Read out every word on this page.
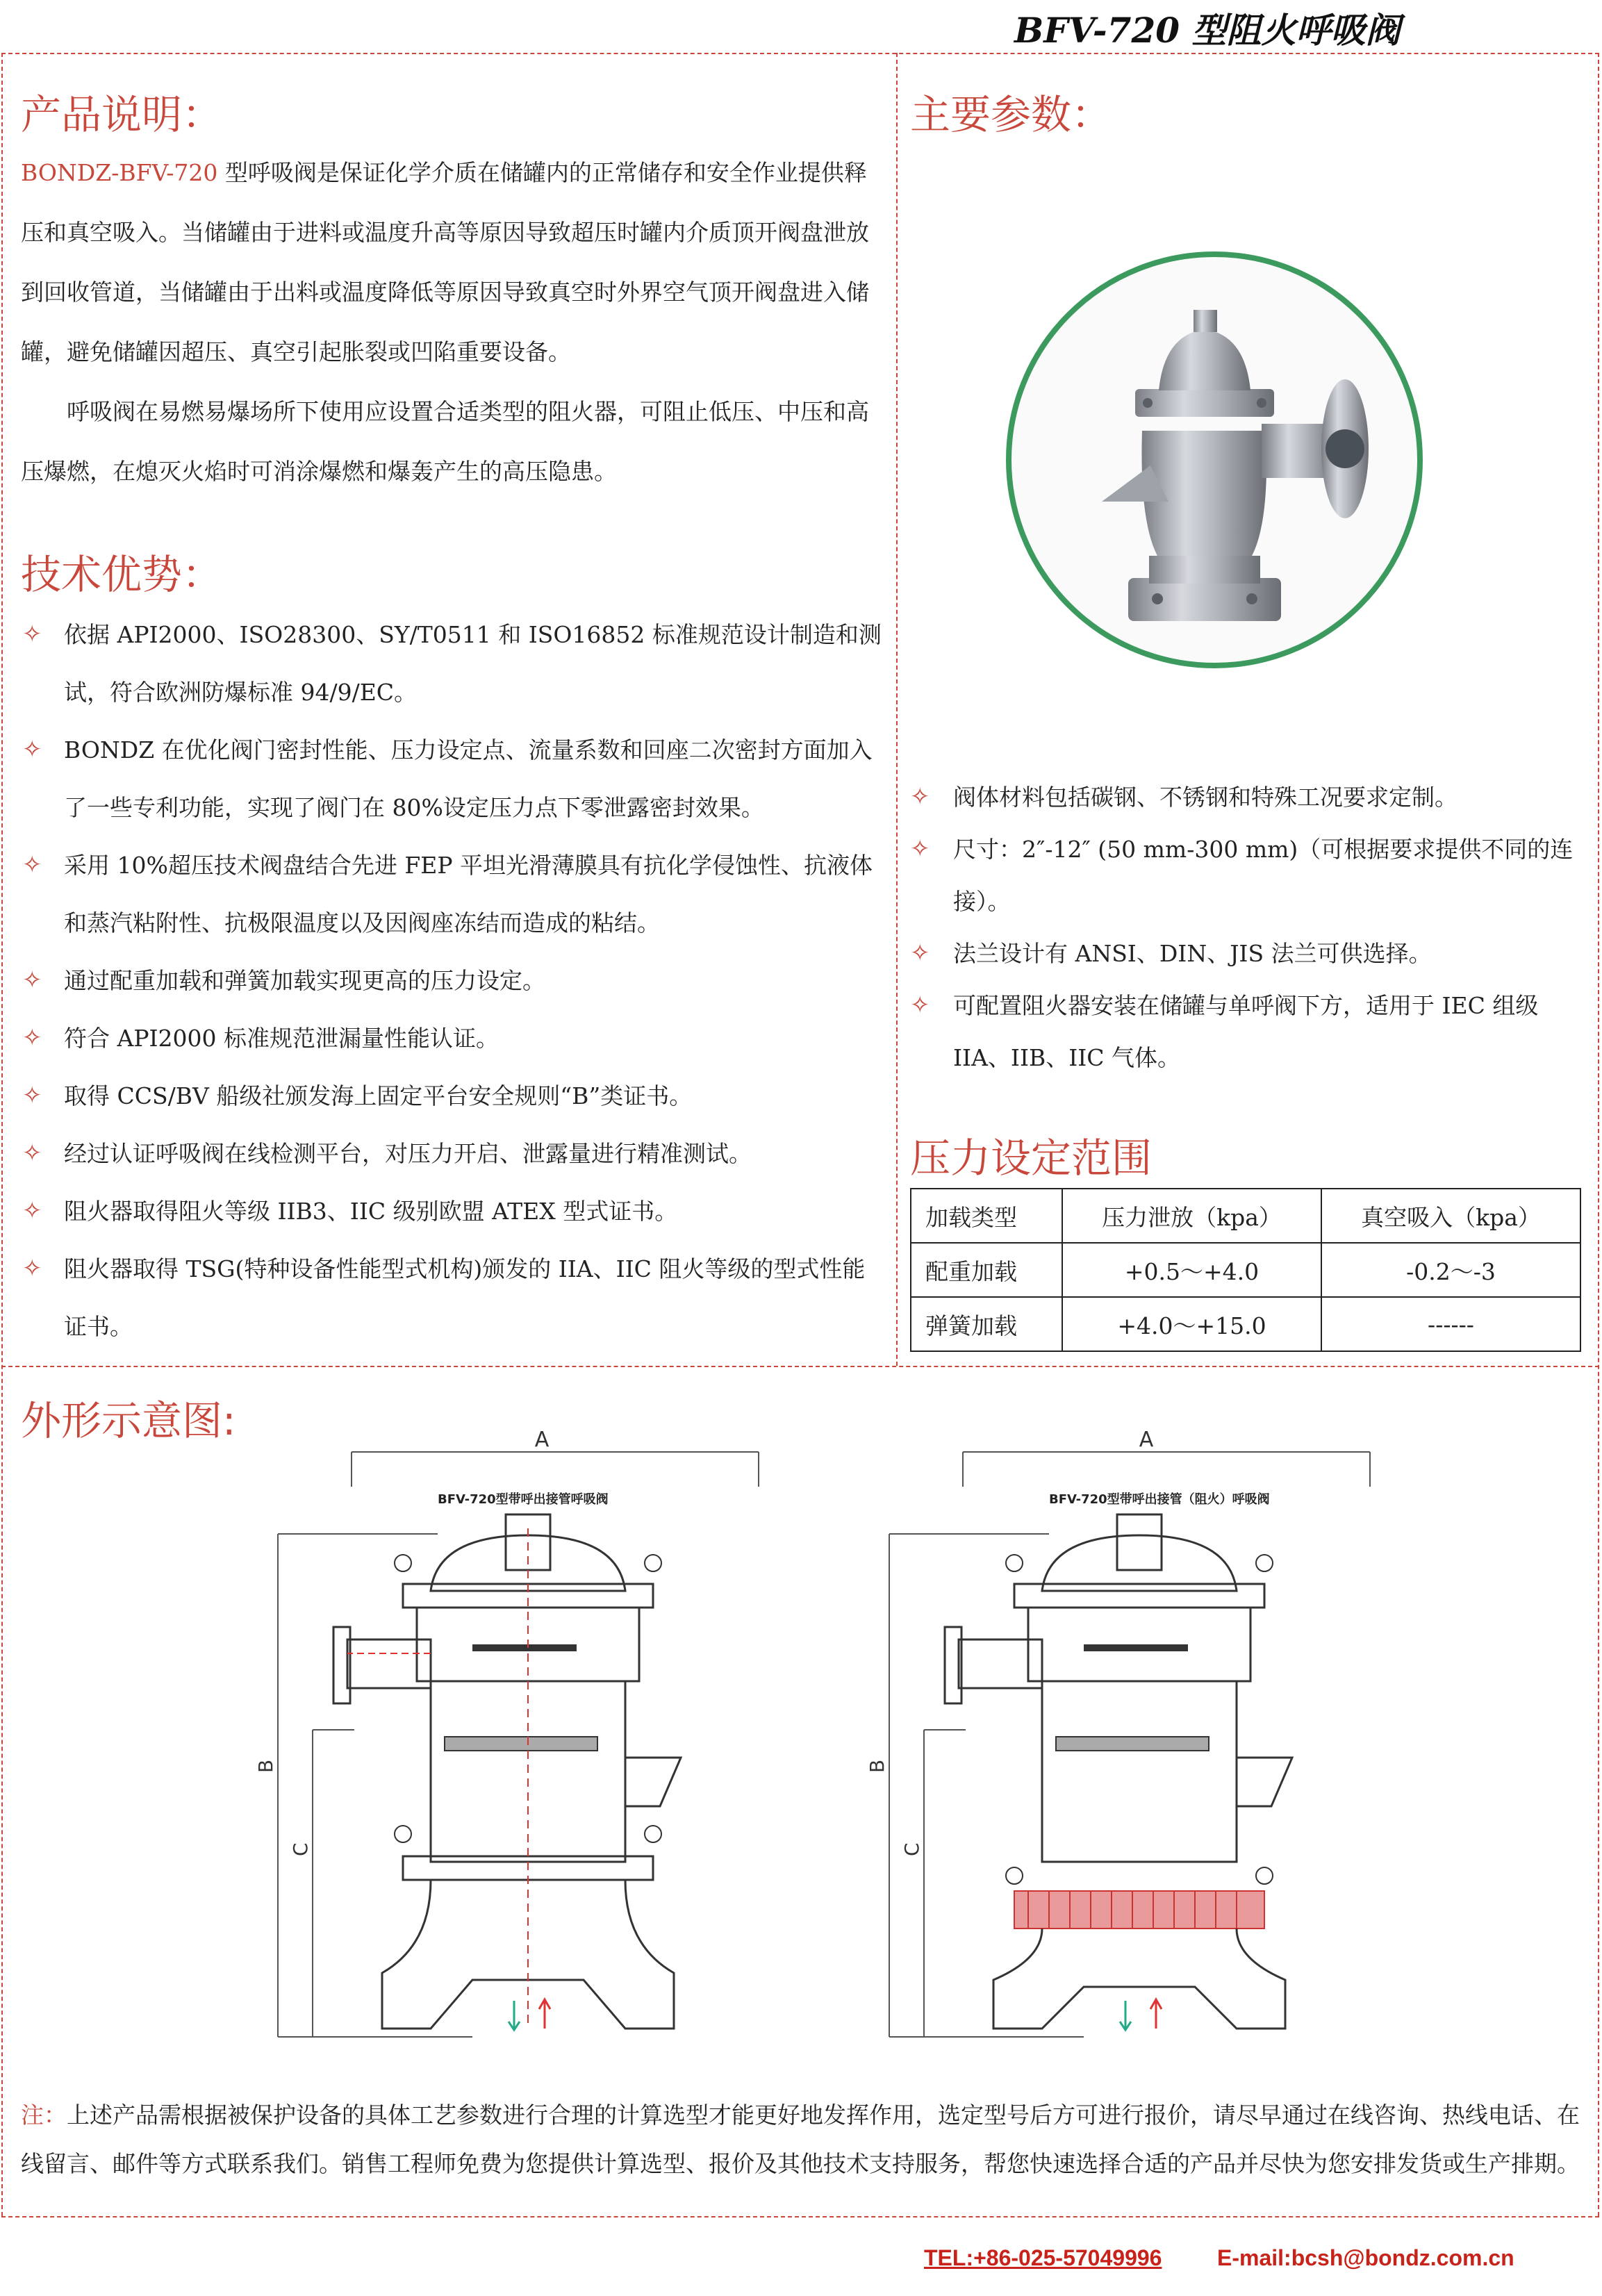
BFV-720 型阻火呼吸阀
产品说明：

BONDZ-BFV-720 型呼吸阀是保证化学介质在储罐内的正常储存和安全作业提供释压和真空吸入。当储罐由于进料或温度升高等原因导致超压时罐内介质顶开阀盘泄放到回收管道，当储罐由于出料或温度降低等原因导致真空时外界空气顶开阀盘进入储罐，避免储罐因超压、真空引起胀裂或凹陷重要设备。

呼吸阀在易燃易爆场所下使用应设置合适类型的阻火器，可阻止低压、中压和高压爆燃，在熄灭火焰时可消涂爆燃和爆轰产生的高压隐患。

技术优势：
✧ 依据 API2000、ISO28300、SY/T0511 和 ISO16852 标准规范设计制造和测试，符合欧洲防爆标准 94/9/EC。
✧ BONDZ 在优化阀门密封性能、压力设定点、流量系数和回座二次密封方面加入了一些专利功能，实现了阀门在 80%设定压力点下零泄露密封效果。
✧ 采用 10%超压技术阀盘结合先进 FEP 平坦光滑薄膜具有抗化学侵蚀性、抗液体和蒸汽粘附性、抗极限温度以及因阀座冻结而造成的粘结。
✧ 通过配重加载和弹簧加载实现更高的压力设定。
✧ 符合 API2000 标准规范泄漏量性能认证。
✧ 取得 CCS/BV 船级社颁发海上固定平台安全规则“B”类证书。
✧ 经过认证呼吸阀在线检测平台，对压力开启、泄露量进行精准测试。
✧ 阻火器取得阻火等级 IIB3、IIC 级别欧盟 ATEX 型式证书。
✧ 阻火器取得 TSG(特种设备性能型式机构)颁发的 IIA、IIC 阻火等级的型式性能证书。
主要参数：
✧ 阀体材料包括碳钢、不锈钢和特殊工况要求定制。
✧ 尺寸：2″-12″ (50 mm-300 mm)（可根据要求提供不同的连接）。
✧ 法兰设计有 ANSI、DIN、JIS 法兰可供选择。
✧ 可配置阻火器安装在储罐与单呼阀下方，适用于 IEC 组级 IIA、IIB、IIC 气体。
压力设定范围
加载类型	压力泄放（kpa）	真空吸入（kpa）
配重加载	+0.5～+4.0	-0.2～-3
弹簧加载	+4.0～+15.0	------
外形示意图:	A
BFV-720型带呼出接管呼吸阀
B
C
A
BFV-720型带呼出接管（阻火）呼吸阀
B
C
注：上述产品需根据被保护设备的具体工艺参数进行合理的计算选型才能更好地发挥作用，选定型号后方可进行报价，请尽早通过在线咨询、热线电话、在线留言、邮件等方式联系我们。销售工程师免费为您提供计算选型、报价及其他技术支持服务，帮您快速选择合适的产品并尽快为您安排发货或生产排期。
TEL:+86-025-57049996 E-mail:bcsh@bondz.com.cn
